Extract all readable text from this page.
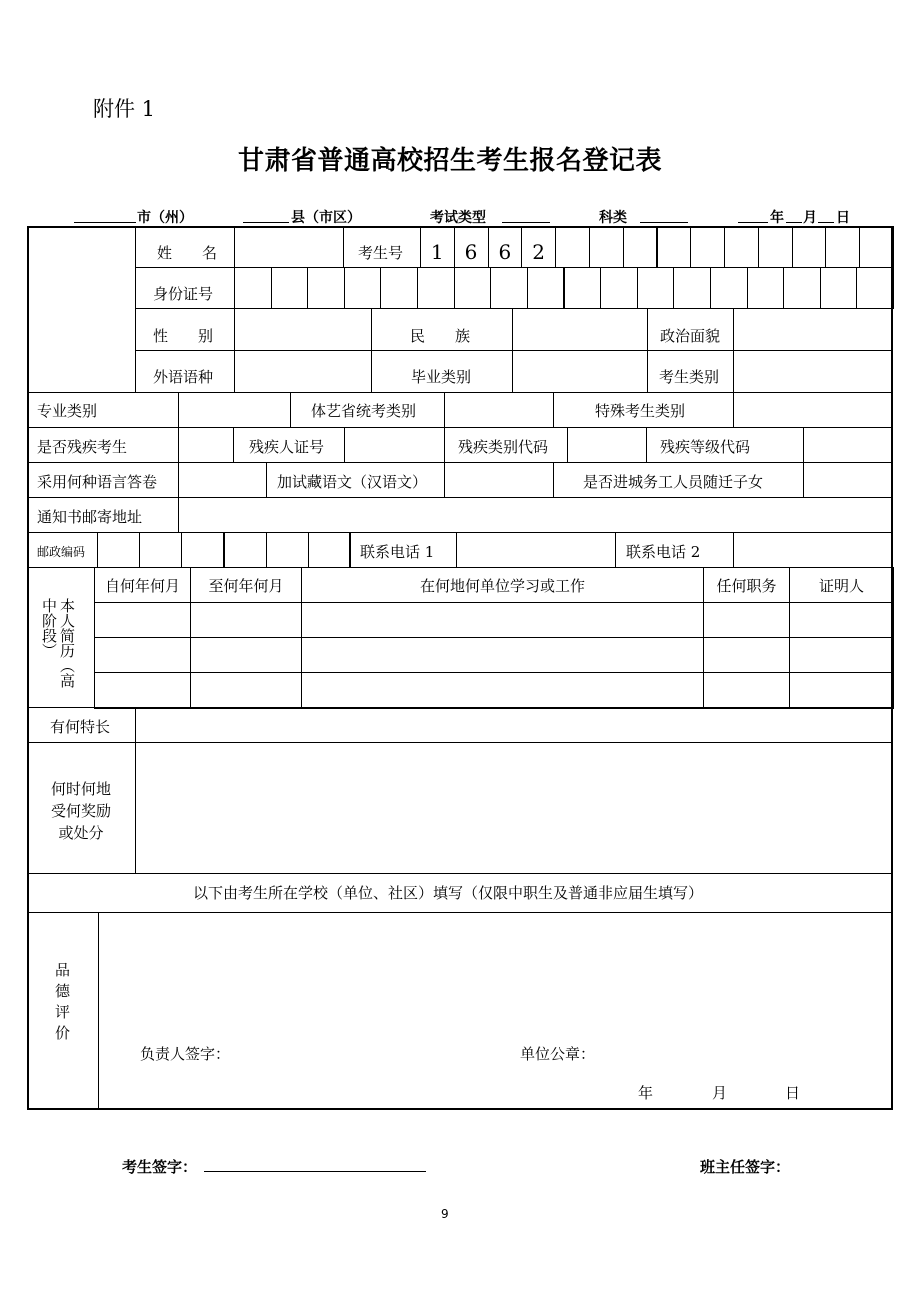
附件 1
甘肃省普通高校招生考生报名登记表
市（州）	县（市区）	考试类型	科类	年 月 日
姓　　名	考生号 1 6 6 2
身份证号
性　　别	民　　族	政治面貌
外语语种	毕业类别	考生类别
专业类别	体艺省统考类别	特殊考生类别
是否残疾考生	残疾人证号	残疾类别代码	残疾等级代码
采用何种语言答卷	加试藏语文（汉语文）	是否进城务工人员随迁子女
通知书邮寄地址
邮政编码	联系电话 1	联系电话 2
本人简历（高中阶段）
自何年何月	至何年何月	在何地何单位学习或工作	任何职务	证明人
有何特长
何时何地受何奖励或处分
以下由考生所在学校（单位、社区）填写（仅限中职生及普通非应届生填写）
品德评价
负责人签字：	单位公章：
年	月	日
考生签字：	班主任签字：
9
